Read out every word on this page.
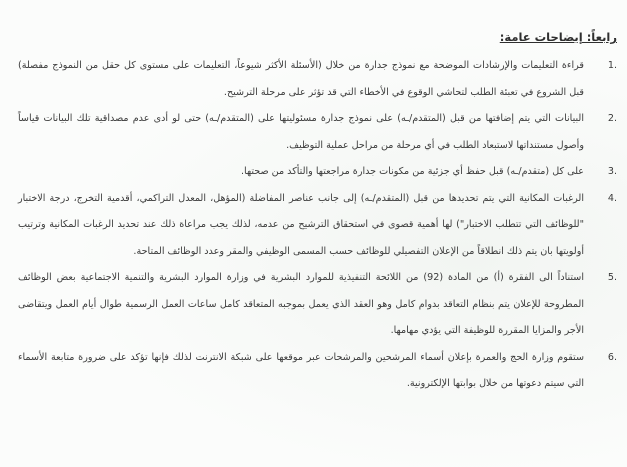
رابعاً: إيضاحات عامة:
1.
قراءة التعليمات والإرشادات الموضحة مع نموذج جدارة من خلال (الأسئلة الأكثر شيوعاً، التعليمات على مستوى كل حقل من النموذج مفصلة) قبل الشروع في تعبئة الطلب لتحاشي الوقوع في الأخطاء التي قد تؤثر على مرحلة الترشيح.
2.
البيانات التي يتم إضافتها من قبل (المتقدم/ـه) على نموذج جدارة مسئوليتها على (المتقدم/ـه) حتى لو أدى عدم مصداقية تلك البيانات قياساً وأصول مستنداتها لاستبعاد الطلب في أي مرحلة من مراحل عملية التوظيف.
3.
على كل (متقدم/ـه) قبل حفظ أي جزئية من مكونات جدارة مراجعتها والتأكد من صحتها.
4.
الرغبات المكانية التي يتم تحديدها من قبل (المتقدم/ـه) إلى جانب عناصر المفاضلة (المؤهل، المعدل التراكمي، أقدمية التخرج، درجة الاختبار "للوظائف التي تتطلب الاختبار") لها أهمية قصوى في استحقاق الترشيح من عدمه، لذلك يجب مراعاة ذلك عند تحديد الرغبات المكانية وترتيب أولويتها بان يتم ذلك انطلاقاً من الإعلان التفصيلي للوظائف حسب المسمى الوظيفي والمقر وعدد الوظائف المتاحة.
5.
استناداً الى الفقرة (أ) من المادة (92) من اللائحة التنفيذية للموارد البشرية في وزارة الموارد البشرية والتنمية الاجتماعية بعض الوظائف المطروحة للإعلان يتم بنظام التعاقد بدوام كامل وهو العقد الذي يعمل بموجبه المتعاقد كامل ساعات العمل الرسمية طوال أيام العمل ويتقاضى الأجر والمزايا المقررة للوظيفة التي يؤدي مهامها.
6.
ستقوم وزارة الحج والعمرة بإعلان أسماء المرشحين والمرشحات عبر موقعها على شبكة الانترنت لذلك فإنها تؤكد على ضرورة متابعة الأسماء التي سيتم دعوتها من خلال بوابتها الإلكترونية.
